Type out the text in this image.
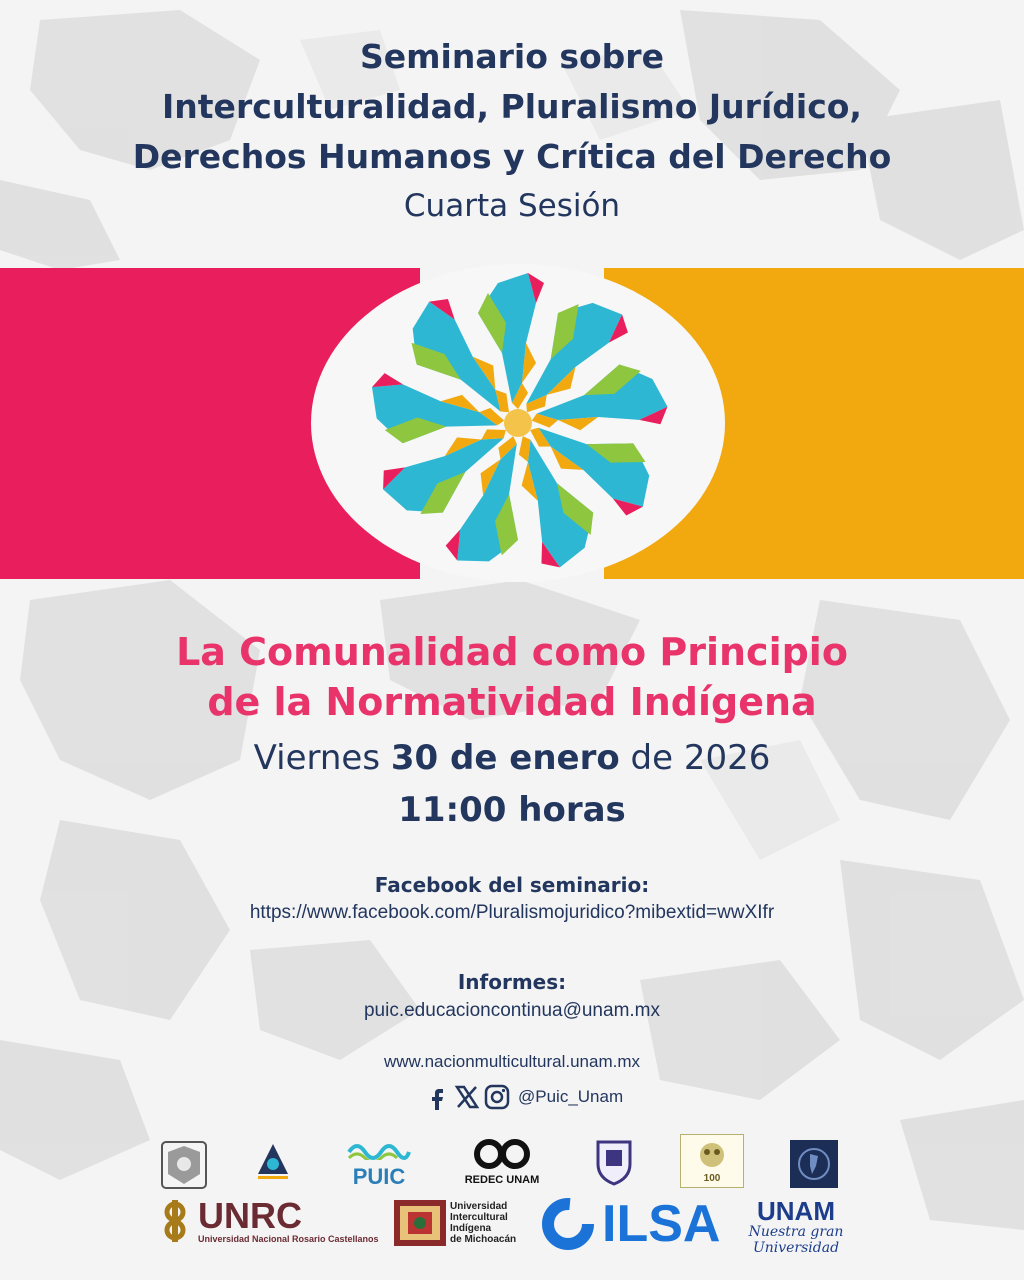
Seminario sobre
Interculturalidad, Pluralismo Jurídico,
Derechos Humanos y Crítica del Derecho
Cuarta Sesión
La Comunalidad como Principio
de la Normatividad Indígena
Viernes 30 de enero de 2026
11:00 horas
Facebook del seminario:
https://www.facebook.com/Pluralismojuridico?mibextid=wwXIfr
Informes:
puic.educacioncontinua@unam.mx
www.nacionmulticultural.unam.mx
@Puic_Unam
PUIC	REDEC UNAM	100
UNRC
Universidad Nacional Rosario Castellanos
Universidad
Intercultural
Indígena
de Michoacán ILSA	UNAM
Nuestra gran
Universidad
